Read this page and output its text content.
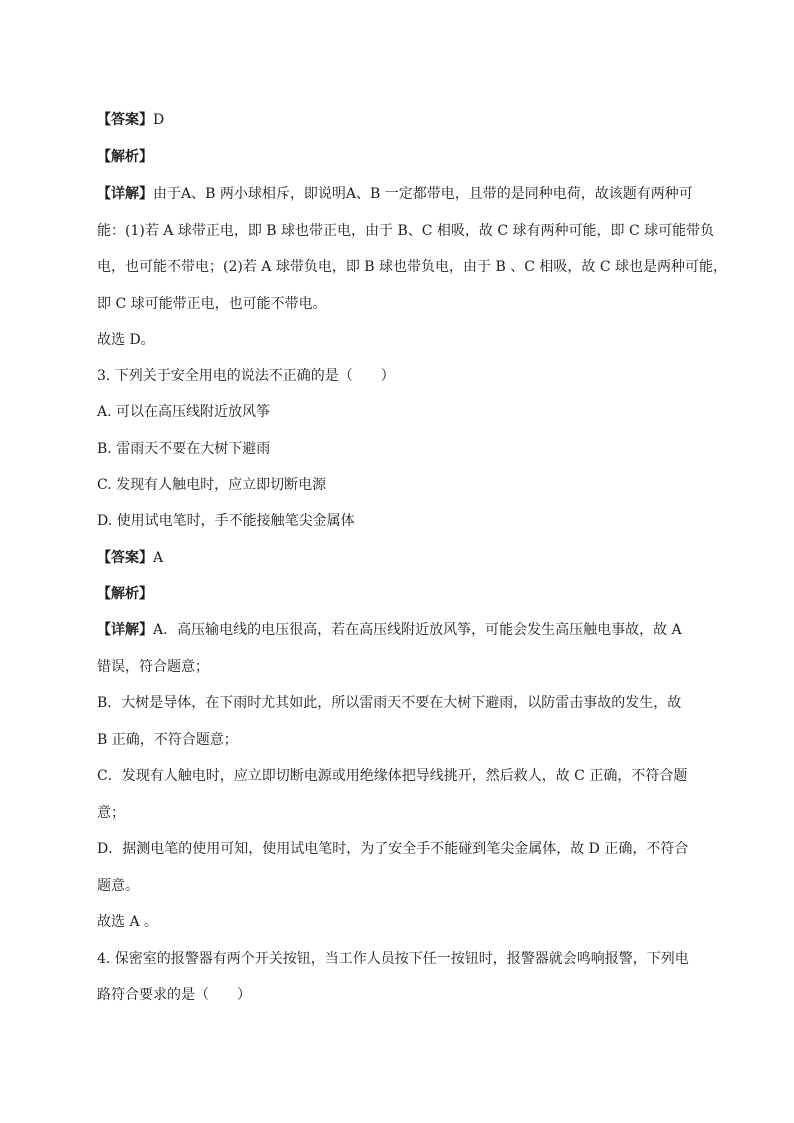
【答案】D
【解析】
【详解】由于A、B 两小球相斥，即说明A、B 一定都带电，且带的是同种电荷，故该题有两种可
能：(1)若 A 球带正电，即 B 球也带正电，由于 B、C 相吸，故 C 球有两种可能，即 C 球可能带负
电，也可能不带电；(2)若 A 球带负电，即 B 球也带负电，由于 B 、C 相吸，故 C 球也是两种可能，
即 C 球可能带正电，也可能不带电。
故选 D。
3. 下列关于安全用电的说法不正确的是（　　）
A. 可以在高压线附近放风筝
B. 雷雨天不要在大树下避雨
C. 发现有人触电时，应立即切断电源
D. 使用试电笔时，手不能接触笔尖金属体
【答案】A
【解析】
【详解】A．高压输电线的电压很高，若在高压线附近放风筝，可能会发生高压触电事故，故 A
错误，符合题意；
B．大树是导体，在下雨时尤其如此，所以雷雨天不要在大树下避雨，以防雷击事故的发生，故
B 正确，不符合题意；
C．发现有人触电时，应立即切断电源或用绝缘体把导线挑开，然后救人，故 C 正确，不符合题
意；
D．据测电笔的使用可知，使用试电笔时，为了安全手不能碰到笔尖金属体，故 D 正确，不符合
题意。
故选 A 。
4. 保密室的报警器有两个开关按钮，当工作人员按下任一按钮时，报警器就会鸣响报警，下列电
路符合要求的是（　　）
